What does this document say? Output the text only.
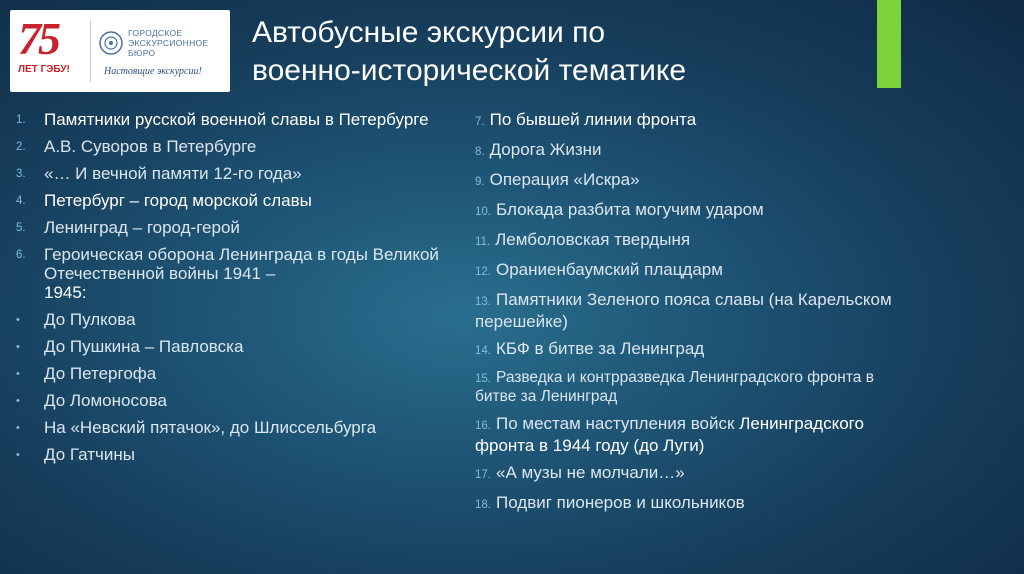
75
ЛЕТ ГЭБУ!
ГОРОДСКОЕ
ЭКСКУРСИОННОЕ
БЮРО
Настоящие экскурсии!
Автобусные экскурсии по
военно-исторической тематике
1.	Памятники русской военной славы в Петербурге
2.	А.В. Суворов в Петербурге
3.	«… И вечной памяти 12-го года»
4.	Петербург – город морской славы
5.	Ленинград – город-герой
6.	Героическая оборона Ленинграда в годы Великой Отечественной войны 1941 –
1945:
•	До Пулкова
•	До Пушкина – Павловска
•	До Петергофа
•	До Ломоносова
•	На «Невский пятачок», до Шлиссельбурга
•	До Гатчины
7. По бывшей линии фронта
8. Дорога Жизни
9. Операция «Искра»
10. Блокада разбита могучим ударом
11. Лемболовская твердыня
12. Ораниенбаумский плацдарм
13. Памятники Зеленого пояса славы (на Карельском перешейке)
14. КБФ в битве за Ленинград
15. Разведка и контрразведка Ленинградского фронта в битве за Ленинград
16. По местам наступления войск Ленинградского фронта в 1944 году (до Луги)
17. «А музы не молчали…»
18. Подвиг пионеров и школьников
